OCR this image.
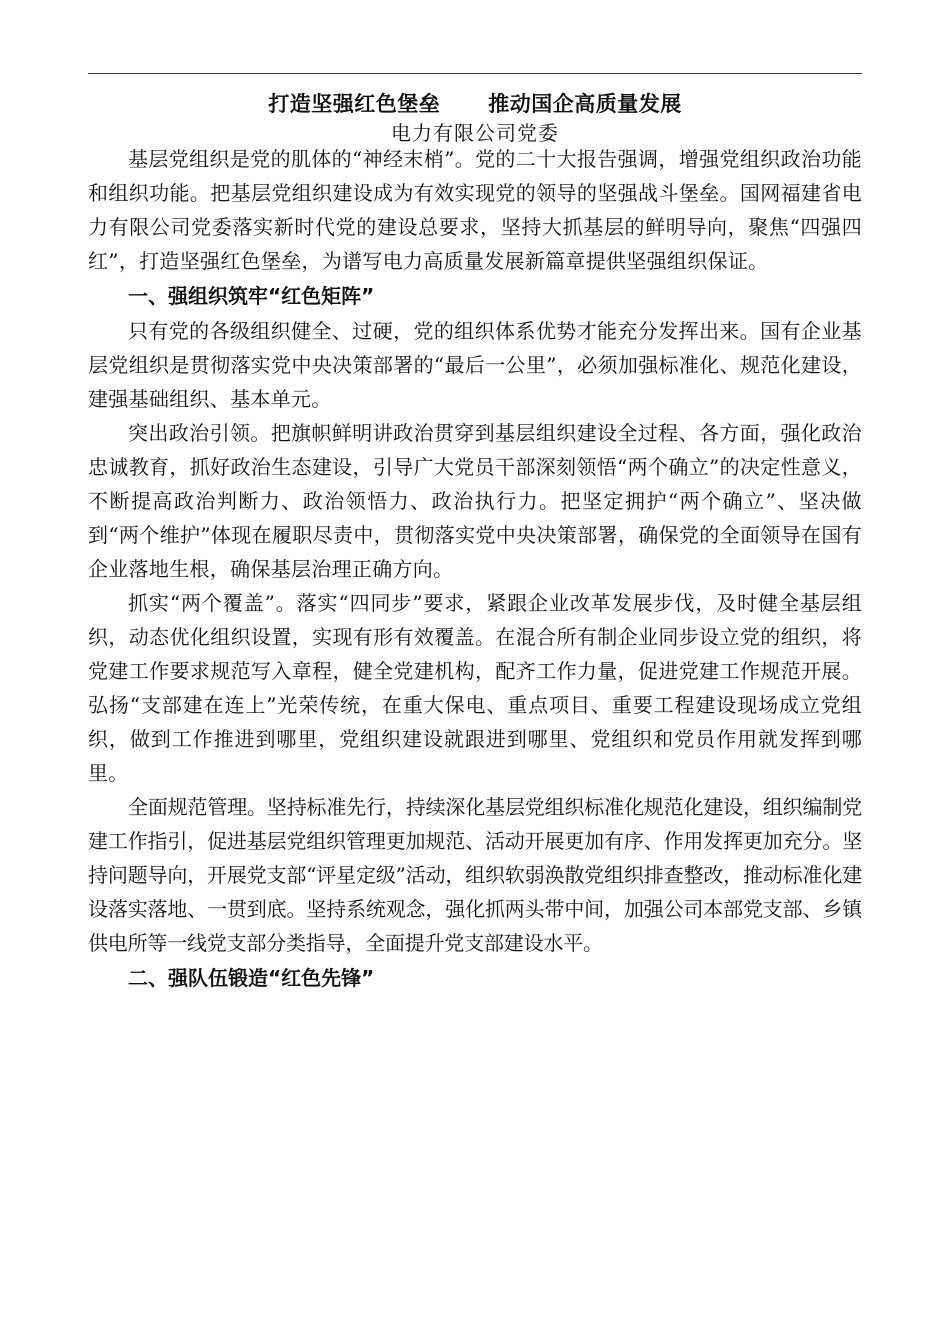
打造坚强红色堡垒 推动国企高质量发展
电力有限公司党委

基层党组织是党的肌体的“神经末梢”。党的二十大报告强调，增强党组织政治功能和组织功能。把基层党组织建设成为有效实现党的领导的坚强战斗堡垒。国网福建省电力有限公司党委落实新时代党的建设总要求，坚持大抓基层的鲜明导向，聚焦“四强四红”，打造坚强红色堡垒，为谱写电力高质量发展新篇章提供坚强组织保证。

一、强组织筑牢“红色矩阵”

只有党的各级组织健全、过硬，党的组织体系优势才能充分发挥出来。国有企业基层党组织是贯彻落实党中央决策部署的“最后一公里”，必须加强标准化、规范化建设，建强基础组织、基本单元。

突出政治引领。把旗帜鲜明讲政治贯穿到基层组织建设全过程、各方面，强化政治忠诚教育，抓好政治生态建设，引导广大党员干部深刻领悟“两个确立”的决定性意义，不断提高政治判断力、政治领悟力、政治执行力。把坚定拥护“两个确立”、坚决做到“两个维护”体现在履职尽责中，贯彻落实党中央决策部署，确保党的全面领导在国有企业落地生根，确保基层治理正确方向。

抓实“两个覆盖”。落实“四同步”要求，紧跟企业改革发展步伐，及时健全基层组织，动态优化组织设置，实现有形有效覆盖。在混合所有制企业同步设立党的组织，将党建工作要求规范写入章程，健全党建机构，配齐工作力量，促进党建工作规范开展。弘扬“支部建在连上”光荣传统，在重大保电、重点项目、重要工程建设现场成立党组织，做到工作推进到哪里，党组织建设就跟进到哪里、党组织和党员作用就发挥到哪里。

全面规范管理。坚持标准先行，持续深化基层党组织标准化规范化建设，组织编制党建工作指引，促进基层党组织管理更加规范、活动开展更加有序、作用发挥更加充分。坚持问题导向，开展党支部“评星定级”活动，组织软弱涣散党组织排查整改，推动标准化建设落实落地、一贯到底。坚持系统观念，强化抓两头带中间，加强公司本部党支部、乡镇供电所等一线党支部分类指导，全面提升党支部建设水平。

二、强队伍锻造“红色先锋”
